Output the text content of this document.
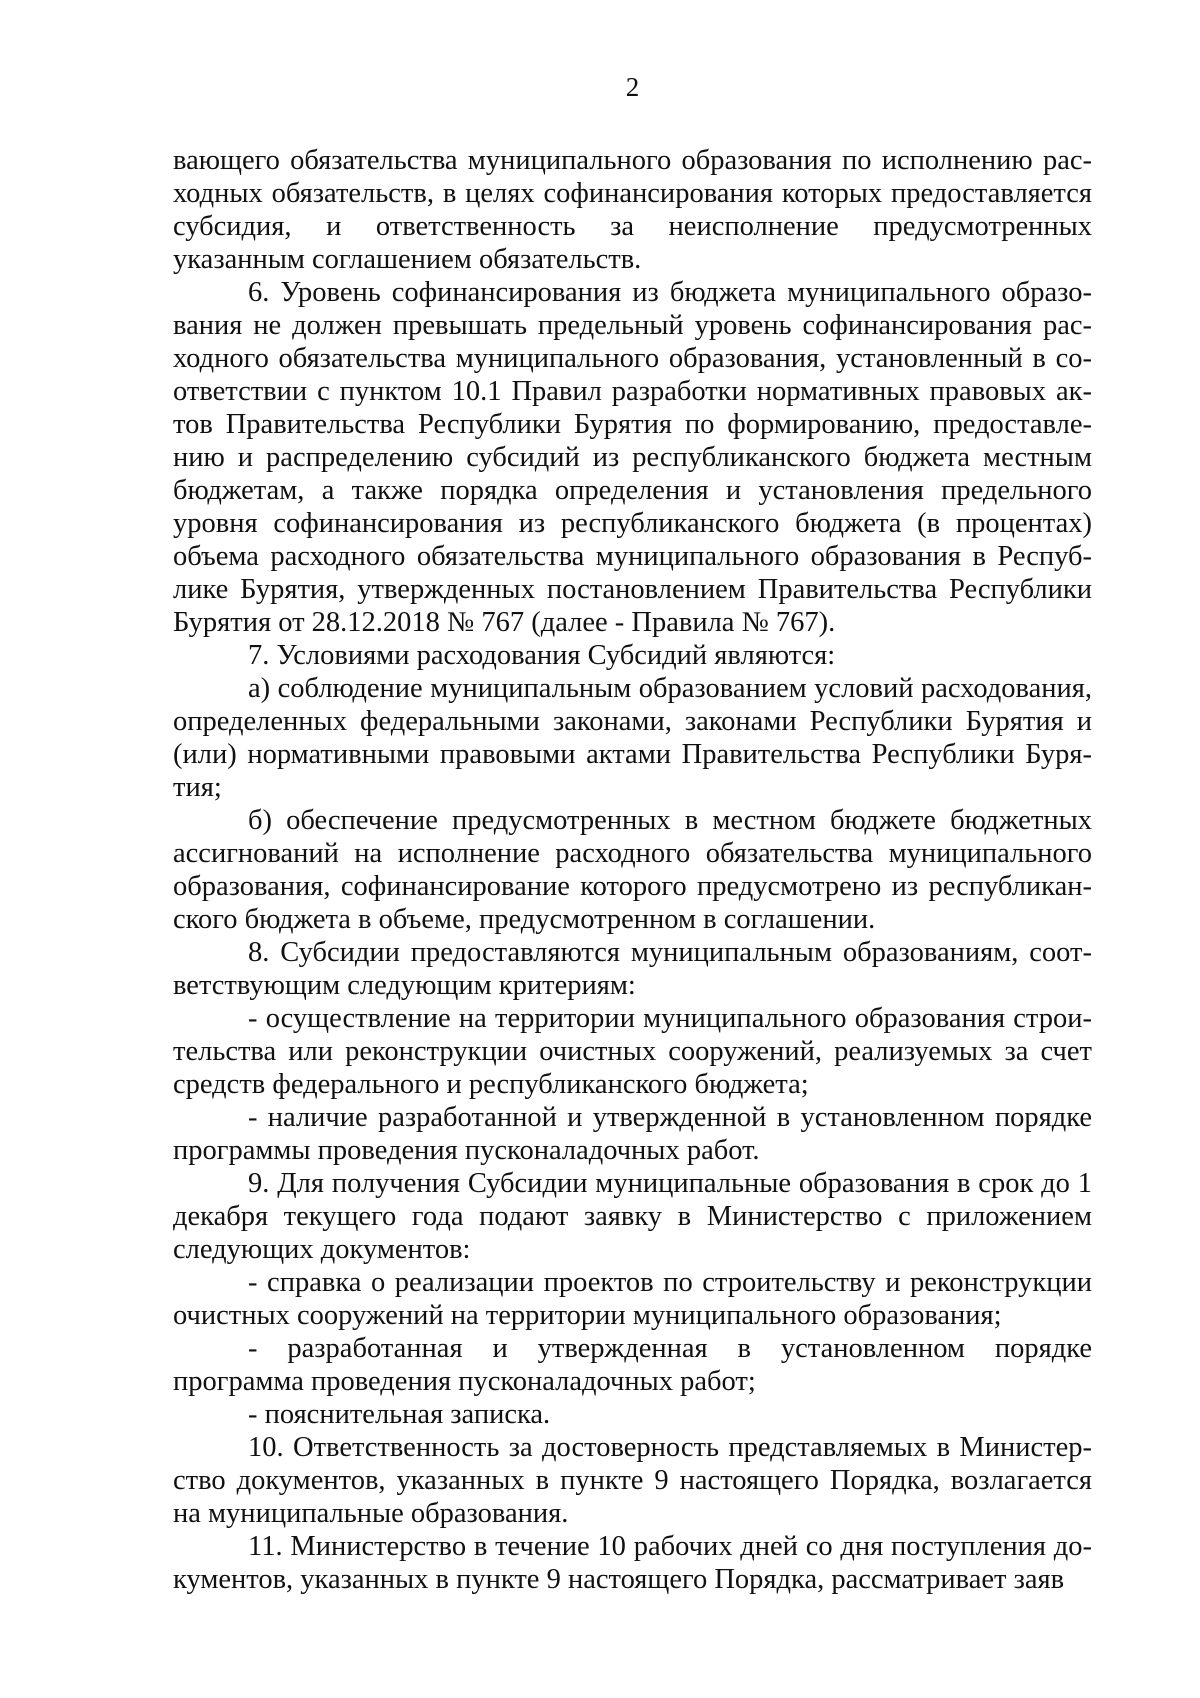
2

вающего обязательства муниципального образования по исполнению расходных обязательств, в целях софинансирования которых предоставляется субсидия, и ответственность за неисполнение предусмотренных указанным соглашением обязательств.

6. Уровень софинансирования из бюджета муниципального образования не должен превышать предельный уровень софинансирования расходного обязательства муниципального образования, установленный в соответствии с пунктом 10.1 Правил разработки нормативных правовых актов Правительства Республики Бурятия по формированию, предоставлению и распределению субсидий из республиканского бюджета местным бюджетам, а также порядка определения и установления предельного уровня софинансирования из республиканского бюджета (в процентах) объема расходного обязательства муниципального образования в Республике Бурятия, утвержденных постановлением Правительства Республики Бурятия от 28.12.2018 № 767 (далее - Правила № 767).

7. Условиями расходования Субсидий являются:

а) соблюдение муниципальным образованием условий расходования, определенных федеральными законами, законами Республики Бурятия и (или) нормативными правовыми актами Правительства Республики Бурятия;

б) обеспечение предусмотренных в местном бюджете бюджетных ассигнований на исполнение расходного обязательства муниципального образования, софинансирование которого предусмотрено из республиканского бюджета в объеме, предусмотренном в соглашении.

8. Субсидии предоставляются муниципальным образованиям, соответствующим следующим критериям:

- осуществление на территории муниципального образования строительства или реконструкции очистных сооружений, реализуемых за счет средств федерального и республиканского бюджета;

- наличие разработанной и утвержденной в установленном порядке программы проведения пусконаладочных работ.

9. Для получения Субсидии муниципальные образования в срок до 1 декабря текущего года подают заявку в Министерство с приложением следующих документов:

- справка о реализации проектов по строительству и реконструкции очистных сооружений на территории муниципального образования;

- разработанная и утвержденная в установленном порядке программа проведения пусконаладочных работ;

- пояснительная записка.

10. Ответственность за достоверность представляемых в Министерство документов, указанных в пункте 9 настоящего Порядка, возлагается на муниципальные образования.

11. Министерство в течение 10 рабочих дней со дня поступления документов, указанных в пункте 9 настоящего Порядка, рассматривает заяв
